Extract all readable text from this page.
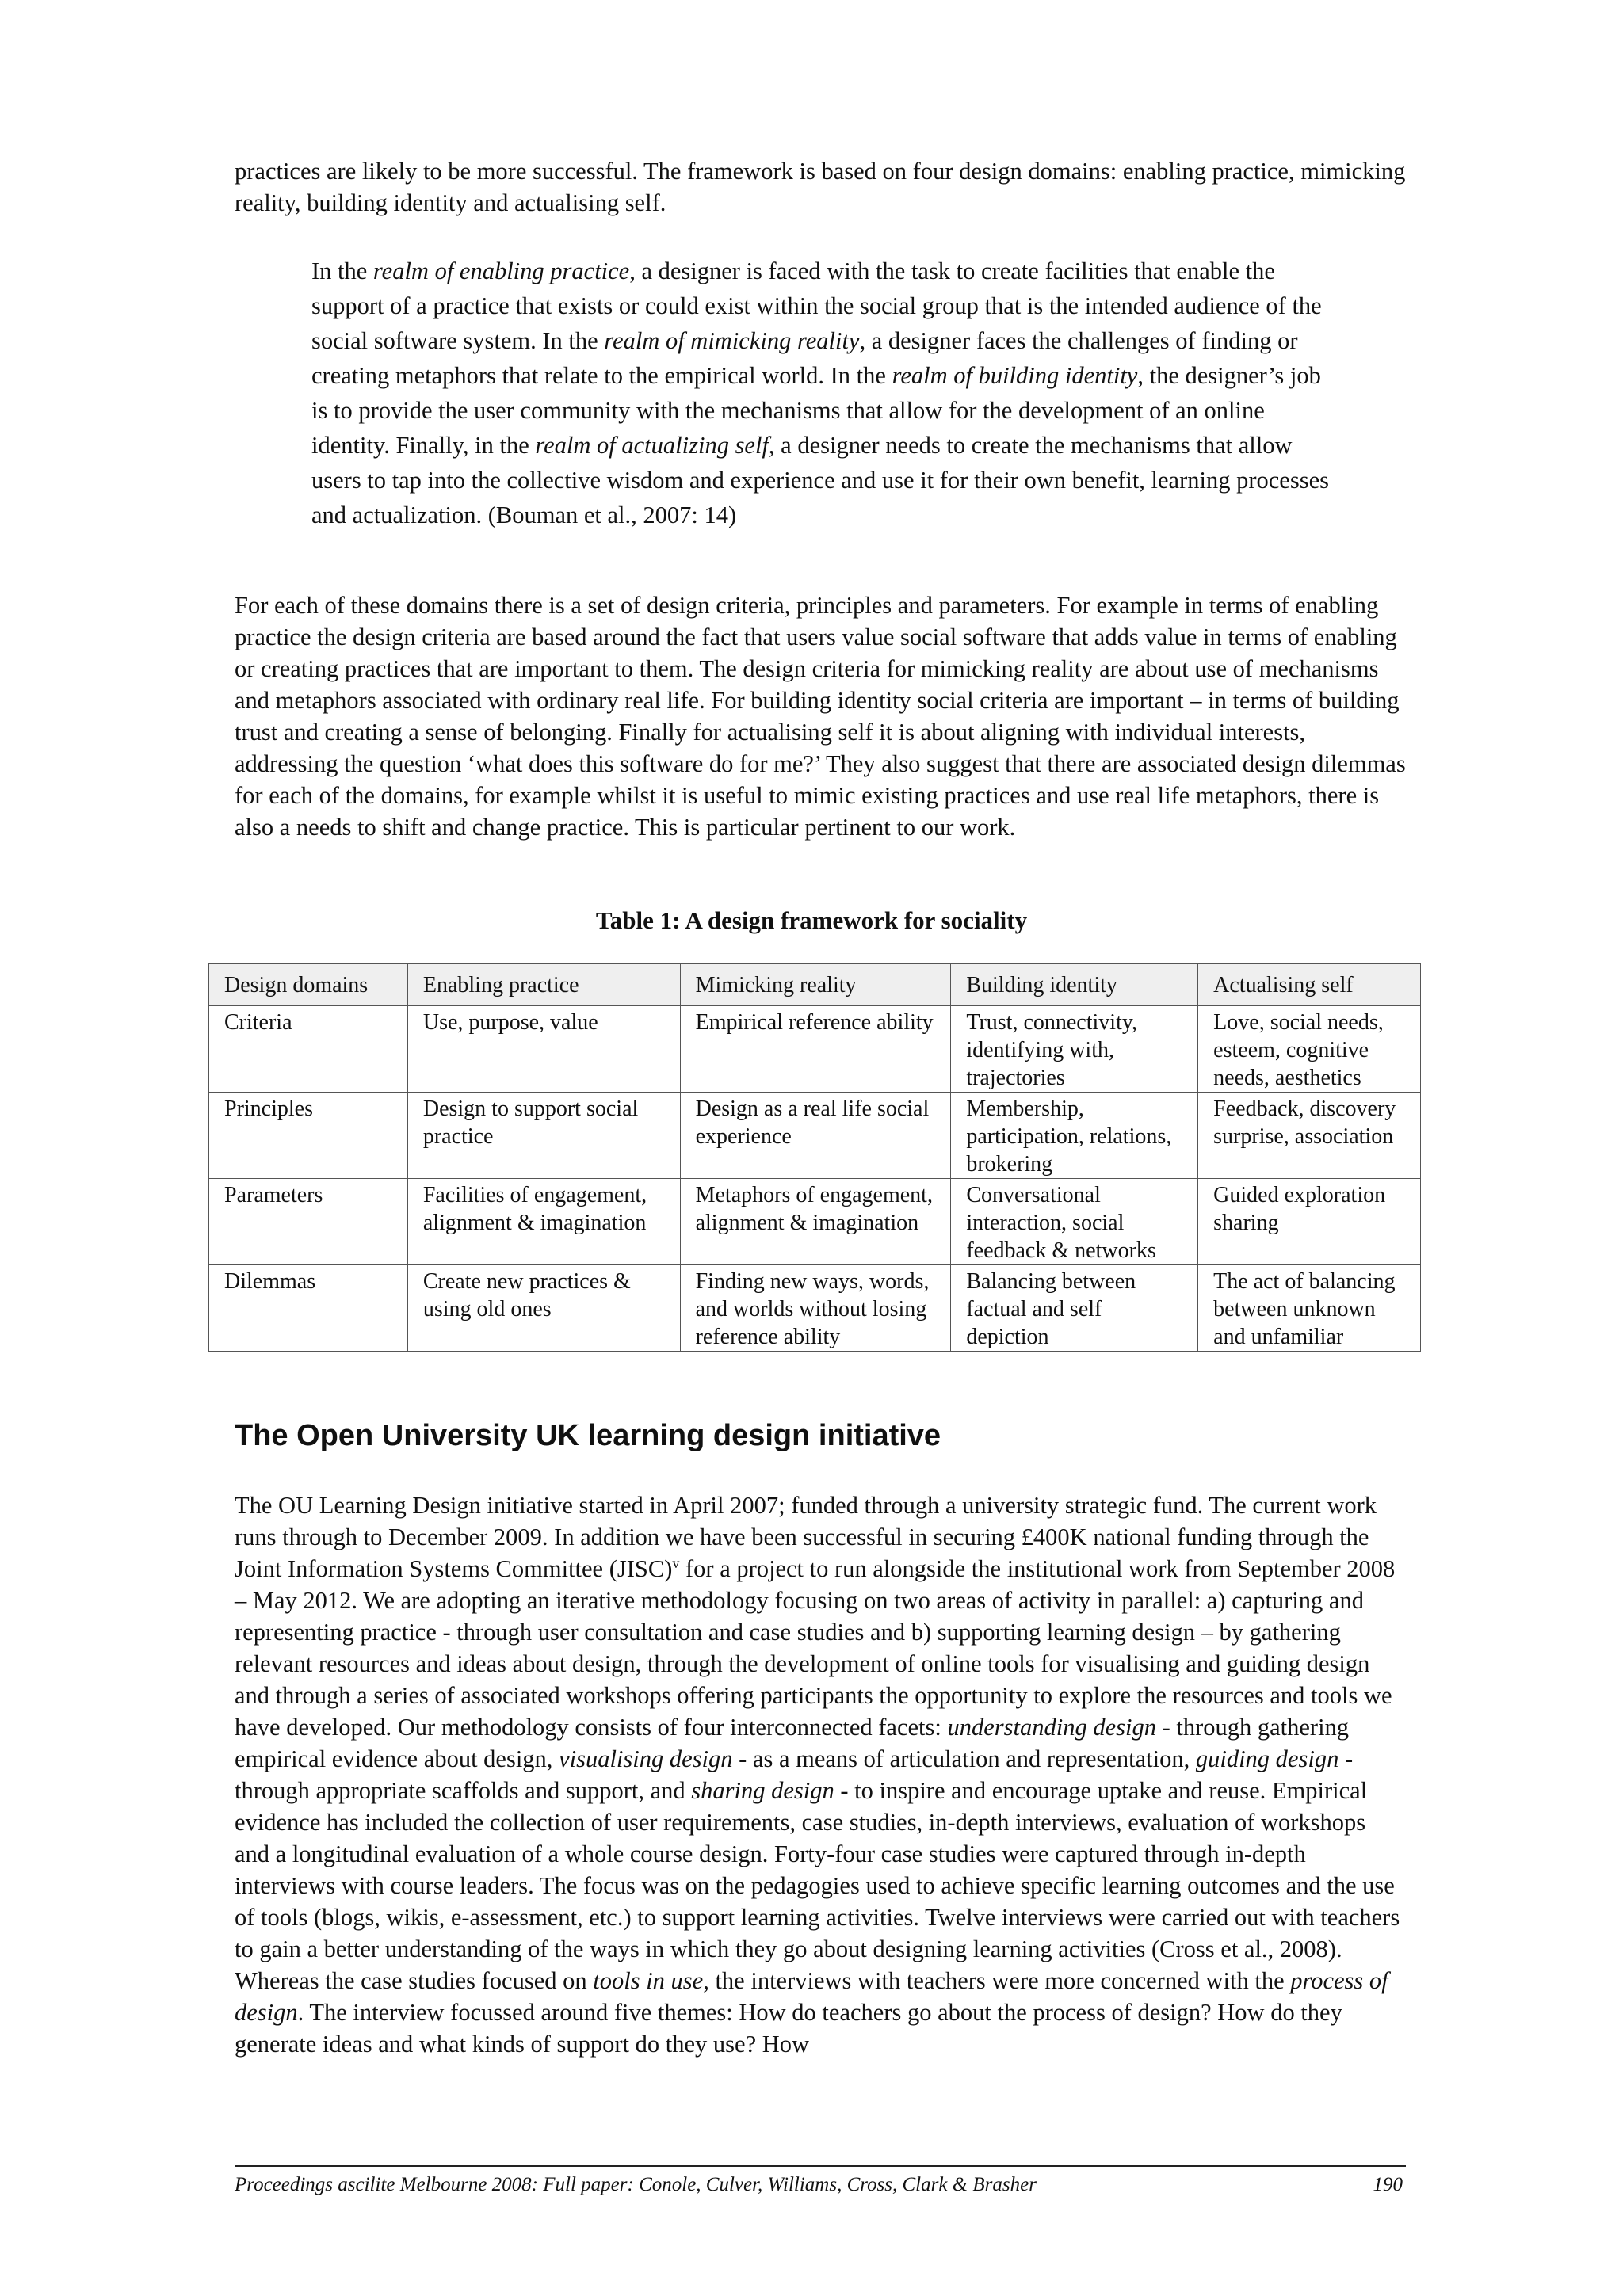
practices are likely to be more successful. The framework is based on four design domains: enabling practice, mimicking reality, building identity and actualising self.

In the realm of enabling practice, a designer is faced with the task to create facilities that enable the support of a practice that exists or could exist within the social group that is the intended audience of the social software system. In the realm of mimicking reality, a designer faces the challenges of finding or creating metaphors that relate to the empirical world. In the realm of building identity, the designer’s job is to provide the user community with the mechanisms that allow for the development of an online identity. Finally, in the realm of actualizing self, a designer needs to create the mechanisms that allow users to tap into the collective wisdom and experience and use it for their own benefit, learning processes and actualization. (Bouman et al., 2007: 14)

For each of these domains there is a set of design criteria, principles and parameters. For example in terms of enabling practice the design criteria are based around the fact that users value social software that adds value in terms of enabling or creating practices that are important to them. The design criteria for mimicking reality are about use of mechanisms and metaphors associated with ordinary real life. For building identity social criteria are important – in terms of building trust and creating a sense of belonging. Finally for actualising self it is about aligning with individual interests, addressing the question ‘what does this software do for me?’ They also suggest that there are associated design dilemmas for each of the domains, for example whilst it is useful to mimic existing practices and use real life metaphors, there is also a needs to shift and change practice. This is particular pertinent to our work.

Table 1: A design framework for sociality

Design domains	Enabling practice	Mimicking reality	Building identity	Actualising self
Criteria	Use, purpose, value	Empirical reference ability	Trust, connectivity, identifying with, trajectories	Love, social needs, esteem, cognitive needs, aesthetics
Principles	Design to support social practice	Design as a real life social experience	Membership, participation, relations, brokering	Feedback, discovery surprise, association
Parameters	Facilities of engagement, alignment & imagination	Metaphors of engagement, alignment & imagination	Conversational interaction, social feedback & networks	Guided exploration sharing
Dilemmas	Create new practices & using old ones	Finding new ways, words, and worlds without losing reference ability	Balancing between factual and self depiction	The act of balancing between unknown and unfamiliar
The Open University UK learning design initiative

The OU Learning Design initiative started in April 2007; funded through a university strategic fund. The current work runs through to December 2009. In addition we have been successful in securing £400K national funding through the Joint Information Systems Committee (JISC)$^v$ for a project to run alongside the institutional work from September 2008 – May 2012. We are adopting an iterative methodology focusing on two areas of activity in parallel: a) capturing and representing practice - through user consultation and case studies and b) supporting learning design – by gathering relevant resources and ideas about design, through the development of online tools for visualising and guiding design and through a series of associated workshops offering participants the opportunity to explore the resources and tools we have developed. Our methodology consists of four interconnected facets: understanding design - through gathering empirical evidence about design, visualising design - as a means of articulation and representation, guiding design - through appropriate scaffolds and support, and sharing design - to inspire and encourage uptake and reuse. Empirical evidence has included the collection of user requirements, case studies, in-depth interviews, evaluation of workshops and a longitudinal evaluation of a whole course design. Forty-four case studies were captured through in-depth interviews with course leaders. The focus was on the pedagogies used to achieve specific learning outcomes and the use of tools (blogs, wikis, e-assessment, etc.) to support learning activities. Twelve interviews were carried out with teachers to gain a better understanding of the ways in which they go about designing learning activities (Cross et al., 2008). Whereas the case studies focused on tools in use, the interviews with teachers were more concerned with the process of design. The interview focussed around five themes: How do teachers go about the process of design? How do they generate ideas and what kinds of support do they use? How

Proceedings ascilite Melbourne 2008: Full paper: Conole, Culver, Williams, Cross, Clark & Brasher	190
